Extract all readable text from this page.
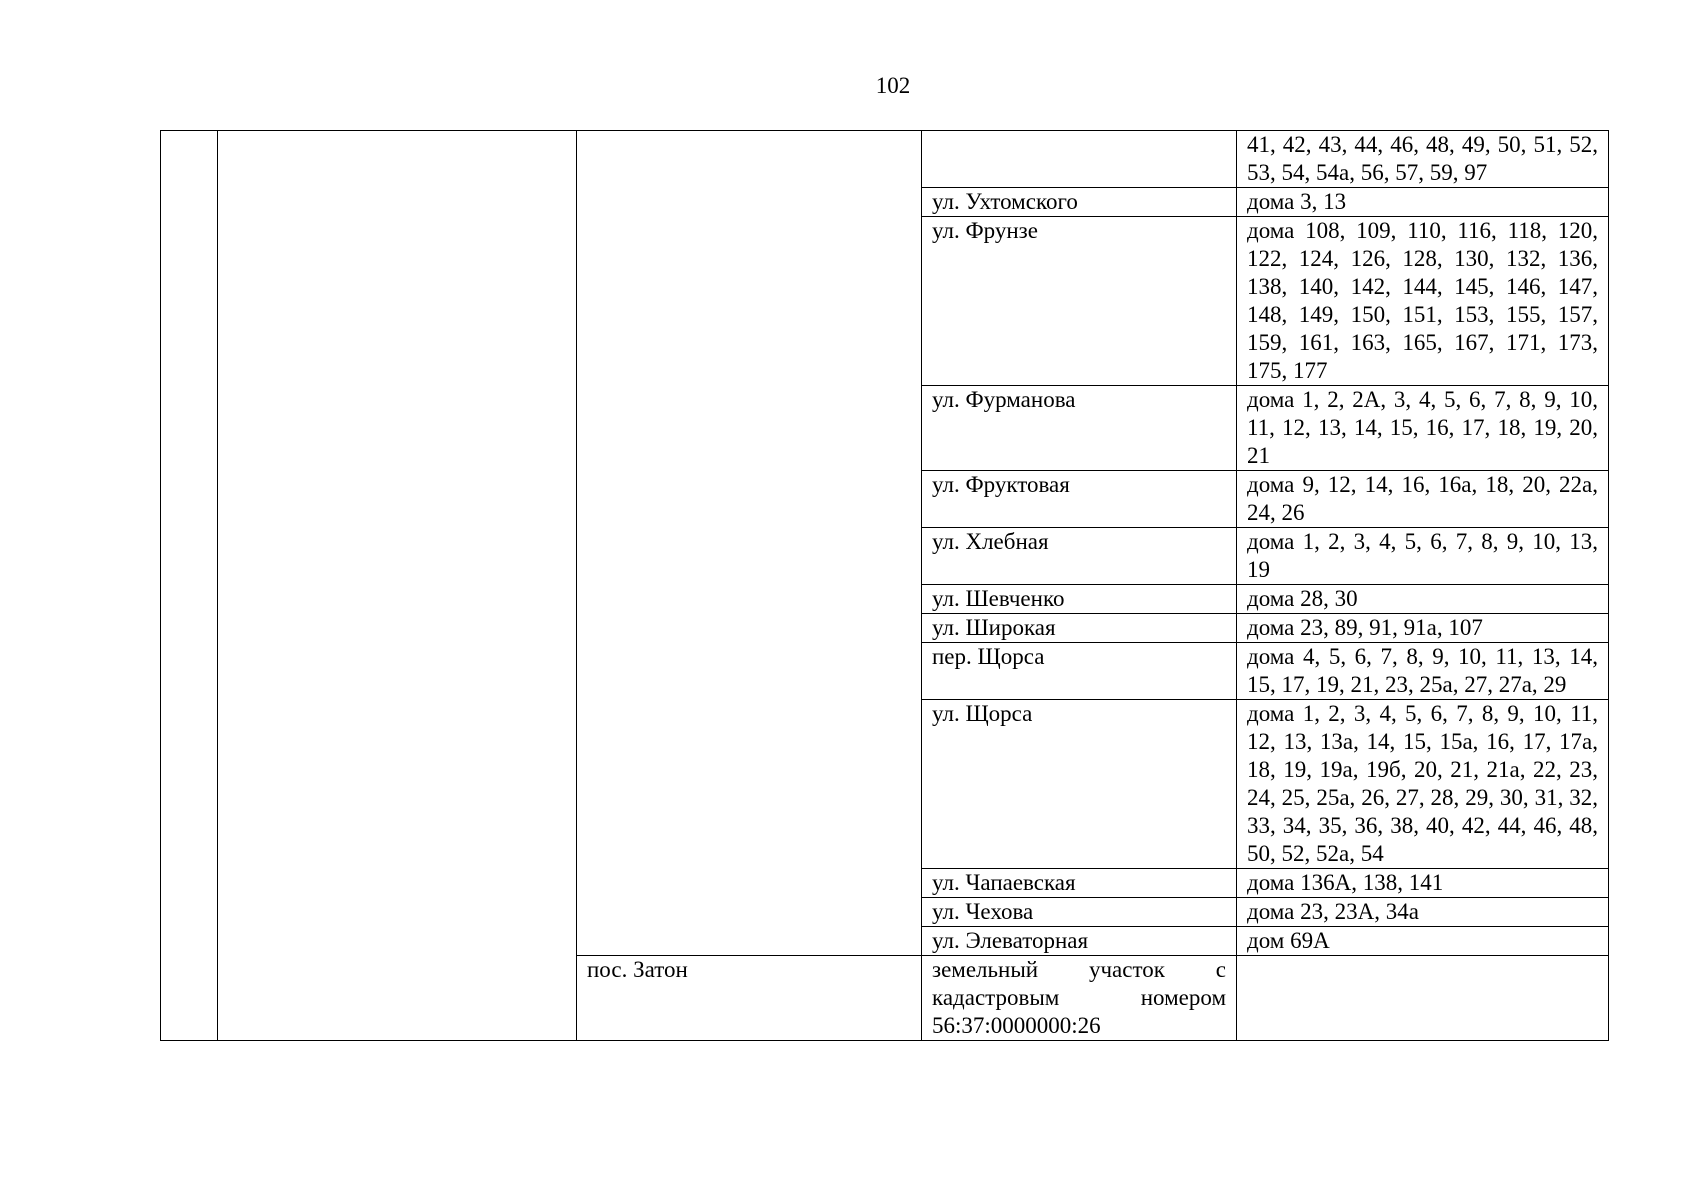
102
				41, 42, 43, 44, 46, 48, 49, 50, 51, 52, 53, 54, 54а, 56, 57, 59, 97
			ул. Ухтомского	дома 3, 13
			ул. Фрунзе	дома 108, 109, 110, 116, 118, 120, 122, 124, 126, 128, 130, 132, 136, 138, 140, 142, 144, 145, 146, 147, 148, 149, 150, 151, 153, 155, 157, 159, 161, 163, 165, 167, 171, 173, 175, 177
			ул. Фурманова	дома 1, 2, 2А, 3, 4, 5, 6, 7, 8, 9, 10, 11, 12, 13, 14, 15, 16, 17, 18, 19, 20, 21
			ул. Фруктовая	дома 9, 12, 14, 16, 16а, 18, 20, 22а, 24, 26
			ул. Хлебная	дома 1, 2, 3, 4, 5, 6, 7, 8, 9, 10, 13, 19
			ул. Шевченко	дома 28, 30
			ул. Широкая	дома 23, 89, 91, 91а, 107
			пер. Щорса	дома 4, 5, 6, 7, 8, 9, 10, 11, 13, 14, 15, 17, 19, 21, 23, 25а, 27, 27а, 29
			ул. Щорса	дома 1, 2, 3, 4, 5, 6, 7, 8, 9, 10, 11, 12, 13, 13а, 14, 15, 15а, 16, 17, 17а, 18, 19, 19а, 19б, 20, 21, 21а, 22, 23, 24, 25, 25а, 26, 27, 28, 29, 30, 31, 32, 33, 34, 35, 36, 38, 40, 42, 44, 46, 48, 50, 52, 52а, 54
			ул. Чапаевская	дома 136А, 138, 141
			ул. Чехова	дома 23, 23А, 34а
			ул. Элеваторная	дом 69А
		пос. Затон	земельный участок с кадастровым номером 56:37:0000000:26	
